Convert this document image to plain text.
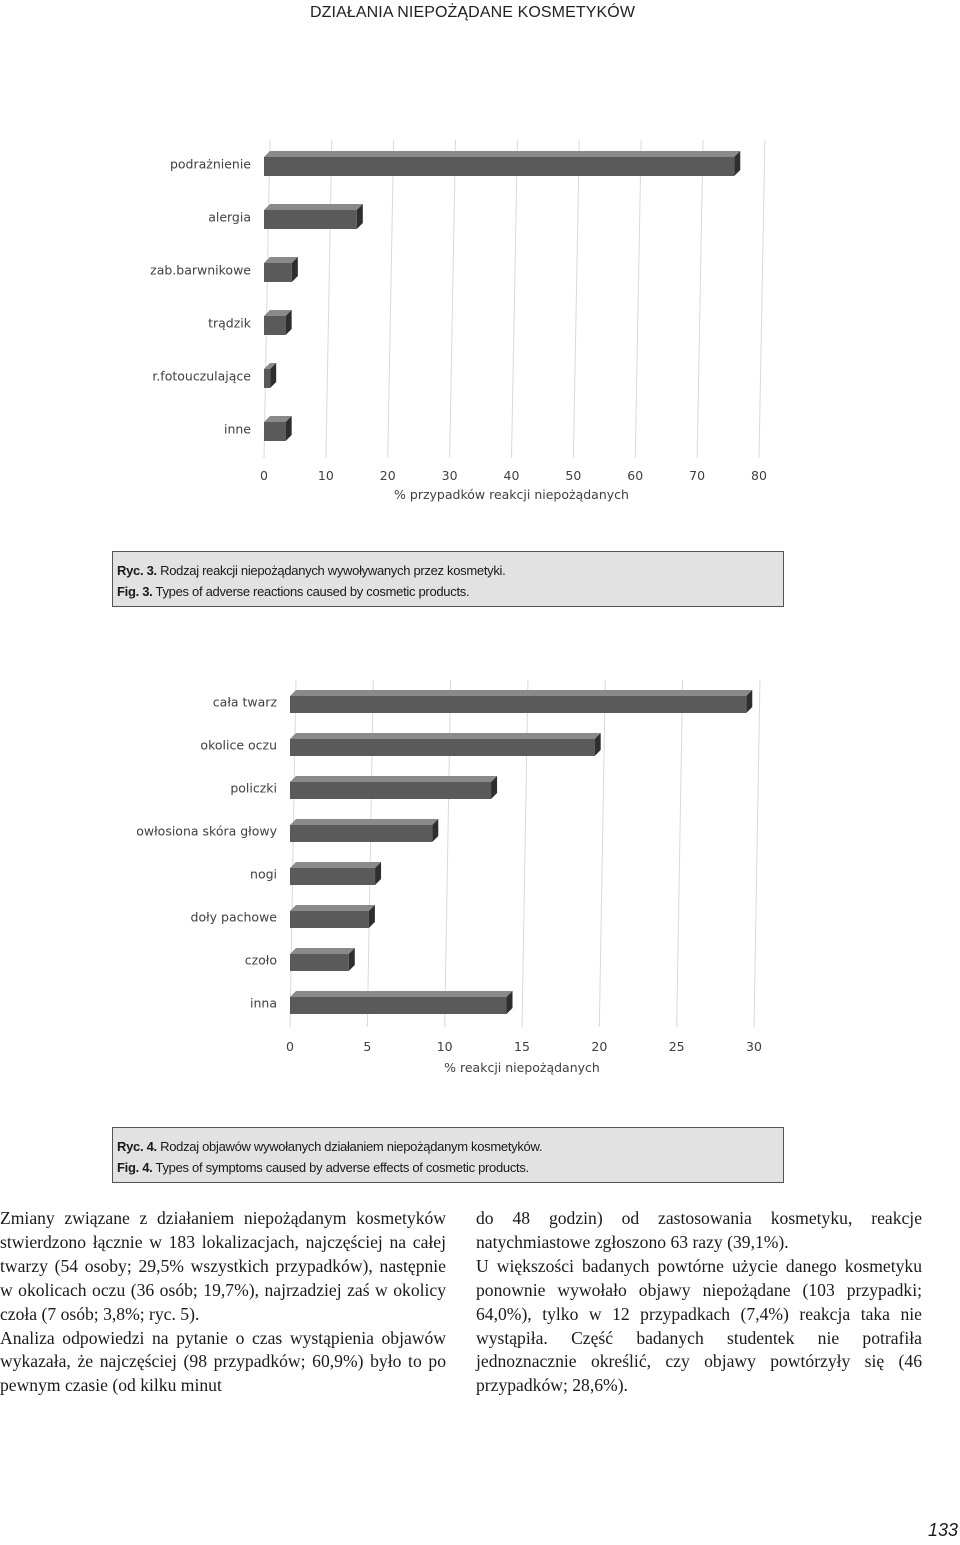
DZIAŁANIA NIEPOŻĄDANE KOSMETYKÓW
podrażnienie
alergia
zab.barwnikowe
trądzik
r.fotouczulające
inne
0	10	20	30	40	50	60	70	80
% przypadków reakcji niepożądanych
Ryc. 3. Rodzaj reakcji niepożądanych wywoływanych przez kosmetyki.
Fig. 3. Types of adverse reactions caused by cosmetic products.
cała twarz
okolice oczu
policzki
owłosiona skóra głowy
nogi
doły pachowe
czoło
inna
0	5	10	15	20	25	30
% reakcji niepożądanych
Ryc. 4. Rodzaj objawów wywołanych działaniem niepożądanym kosmetyków.
Fig. 4. Types of symptoms caused by adverse effects of cosmetic products.

Zmiany związane z działaniem niepożądanym kosmetyków stwierdzono łącznie w 183 lokalizacjach, najczęściej na całej twarzy (54 osoby; 29,5% wszystkich przypadków), następnie w okolicach oczu (36 osób; 19,7%), najrzadziej zaś w okolicy czoła (7 osób; 3,8%; ryc. 5).

Analiza odpowiedzi na pytanie o czas wystąpienia objawów wykazała, że najczęściej (98 przypadków; 60,9%) było to po pewnym czasie (od kilku minut

do 48 godzin) od zastosowania kosmetyku, reakcje natychmiastowe zgłoszono 63 razy (39,1%).

U większości badanych powtórne użycie danego kosmetyku ponownie wywołało objawy niepożądane (103 przypadki; 64,0%), tylko w 12 przypadkach (7,4%) reakcja taka nie wystąpiła. Część badanych studentek nie potrafiła jednoznacznie określić, czy objawy powtórzyły się (46 przypadków; 28,6%).

133
